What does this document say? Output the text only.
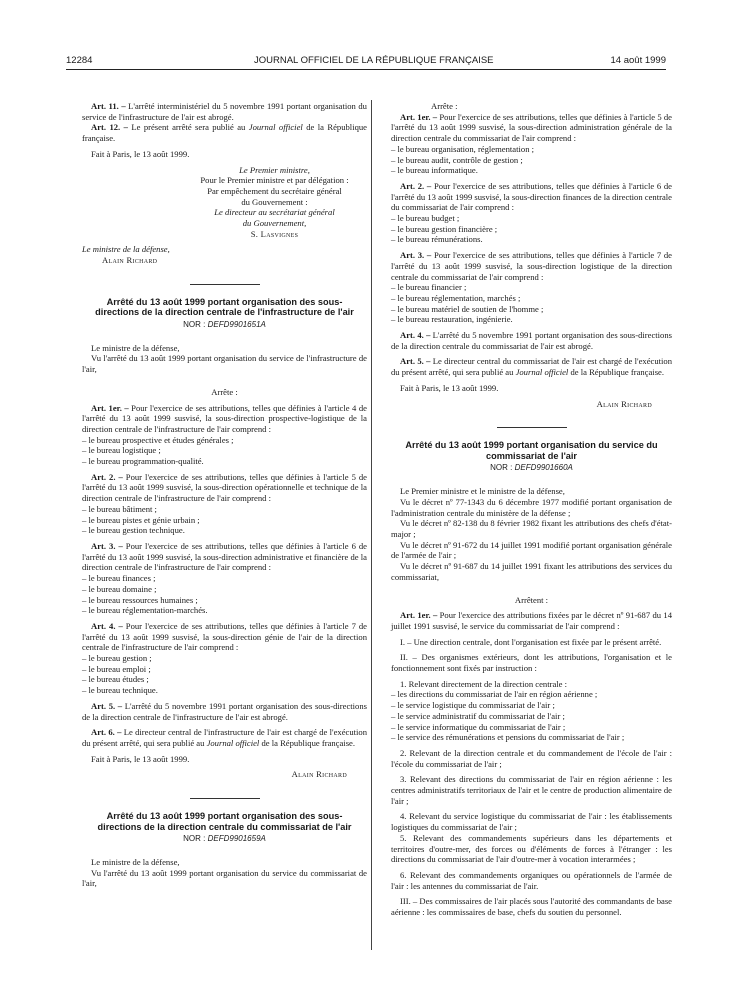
12284	JOURNAL OFFICIEL DE LA RÉPUBLIQUE FRANÇAISE	14 août 1999

Art. 11. – L'arrêté interministériel du 5 novembre 1991 portant organisation du service de l'infrastructure de l'air est abrogé.

Art. 12. – Le présent arrêté sera publié au Journal officiel de la République française.

Fait à Paris, le 13 août 1999.

Le Premier ministre,

Pour le Premier ministre et par délégation :

Par empêchement du secrétaire général

du Gouvernement :

Le directeur au secrétariat général

du Gouvernement,

S. Lasvignes

Le ministre de la défense,

Alain Richard

Arrêté du 13 août 1999 portant organisation des sous-directions de la direction centrale de l'infrastructure de l'air

NOR : DEFD9901651A

Le ministre de la défense,

Vu l'arrêté du 13 août 1999 portant organisation du service de l'infrastructure de l'air,

Arrête :

Art. 1er. – Pour l'exercice de ses attributions, telles que définies à l'article 4 de l'arrêté du 13 août 1999 susvisé, la sous-direction prospective-logistique de la direction centrale de l'infrastructure de l'air comprend :

– le bureau prospective et études générales ;
– le bureau logistique ;
– le bureau programmation-qualité.

Art. 2. – Pour l'exercice de ses attributions, telles que définies à l'article 5 de l'arrêté du 13 août 1999 susvisé, la sous-direction opérationnelle et technique de la direction centrale de l'infrastructure de l'air comprend :

– le bureau bâtiment ;
– le bureau pistes et génie urbain ;
– le bureau gestion technique.

Art. 3. – Pour l'exercice de ses attributions, telles que définies à l'article 6 de l'arrêté du 13 août 1999 susvisé, la sous-direction administrative et financière de la direction centrale de l'infrastructure de l'air comprend :

– le bureau finances ;
– le bureau domaine ;
– le bureau ressources humaines ;
– le bureau réglementation-marchés.

Art. 4. – Pour l'exercice de ses attributions, telles que définies à l'article 7 de l'arrêté du 13 août 1999 susvisé, la sous-direction génie de l'air de la direction centrale de l'infrastructure de l'air comprend :

– le bureau gestion ;
– le bureau emploi ;
– le bureau études ;
– le bureau technique.

Art. 5. – L'arrêté du 5 novembre 1991 portant organisation des sous-directions de la direction centrale de l'infrastructure de l'air est abrogé.

Art. 6. – Le directeur central de l'infrastructure de l'air est chargé de l'exécution du présent arrêté, qui sera publié au Journal officiel de la République française.

Fait à Paris, le 13 août 1999.

Alain Richard

Arrêté du 13 août 1999 portant organisation des sous-directions de la direction centrale du commissariat de l'air

NOR : DEFD9901659A

Le ministre de la défense,

Vu l'arrêté du 13 août 1999 portant organisation du service du commissariat de l'air,

Arrête :

Art. 1er. – Pour l'exercice de ses attributions, telles que définies à l'article 5 de l'arrêté du 13 août 1999 susvisé, la sous-direction administration générale de la direction centrale du commissariat de l'air comprend :

– le bureau organisation, réglementation ;
– le bureau audit, contrôle de gestion ;
– le bureau informatique.

Art. 2. – Pour l'exercice de ses attributions, telles que définies à l'article 6 de l'arrêté du 13 août 1999 susvisé, la sous-direction finances de la direction centrale du commissariat de l'air comprend :

– le bureau budget ;
– le bureau gestion financière ;
– le bureau rémunérations.

Art. 3. – Pour l'exercice de ses attributions, telles que définies à l'article 7 de l'arrêté du 13 août 1999 susvisé, la sous-direction logistique de la direction centrale du commissariat de l'air comprend :

– le bureau financier ;
– le bureau réglementation, marchés ;
– le bureau matériel de soutien de l'homme ;
– le bureau restauration, ingénierie.

Art. 4. – L'arrêté du 5 novembre 1991 portant organisation des sous-directions de la direction centrale du commissariat de l'air est abrogé.

Art. 5. – Le directeur central du commissariat de l'air est chargé de l'exécution du présent arrêté, qui sera publié au Journal officiel de la République française.

Fait à Paris, le 13 août 1999.

Alain Richard

Arrêté du 13 août 1999 portant organisation du service du commissariat de l'air

NOR : DEFD9901660A

Le Premier ministre et le ministre de la défense,

Vu le décret nº 77-1343 du 6 décembre 1977 modifié portant organisation de l'administration centrale du ministère de la défense ;

Vu le décret nº 82-138 du 8 février 1982 fixant les attributions des chefs d'état-major ;

Vu le décret nº 91-672 du 14 juillet 1991 modifié portant organisation générale de l'armée de l'air ;

Vu le décret nº 91-687 du 14 juillet 1991 fixant les attributions des services du commissariat,

Arrêtent :

Art. 1er. – Pour l'exercice des attributions fixées par le décret nº 91-687 du 14 juillet 1991 susvisé, le service du commissariat de l'air comprend :

I. – Une direction centrale, dont l'organisation est fixée par le présent arrêté.

II. – Des organismes extérieurs, dont les attributions, l'organisation et le fonctionnement sont fixés par instruction :

1. Relevant directement de la direction centrale :

– les directions du commissariat de l'air en région aérienne ;
– le service logistique du commissariat de l'air ;
– le service administratif du commissariat de l'air ;
– le service informatique du commissariat de l'air ;
– le service des rémunérations et pensions du commissariat de l'air ;

2. Relevant de la direction centrale et du commandement de l'école de l'air : l'école du commissariat de l'air ;

3. Relevant des directions du commissariat de l'air en région aérienne : les centres administratifs territoriaux de l'air et le centre de production alimentaire de l'air ;

4. Relevant du service logistique du commissariat de l'air : les établissements logistiques du commissariat de l'air ;

5. Relevant des commandements supérieurs dans les départements et territoires d'outre-mer, des forces ou d'éléments de forces à l'étranger : les directions du commissariat de l'air d'outre-mer à vocation interarmées ;

6. Relevant des commandements organiques ou opérationnels de l'armée de l'air : les antennes du commissariat de l'air.

III. – Des commissaires de l'air placés sous l'autorité des commandants de base aérienne : les commissaires de base, chefs du soutien du personnel.
